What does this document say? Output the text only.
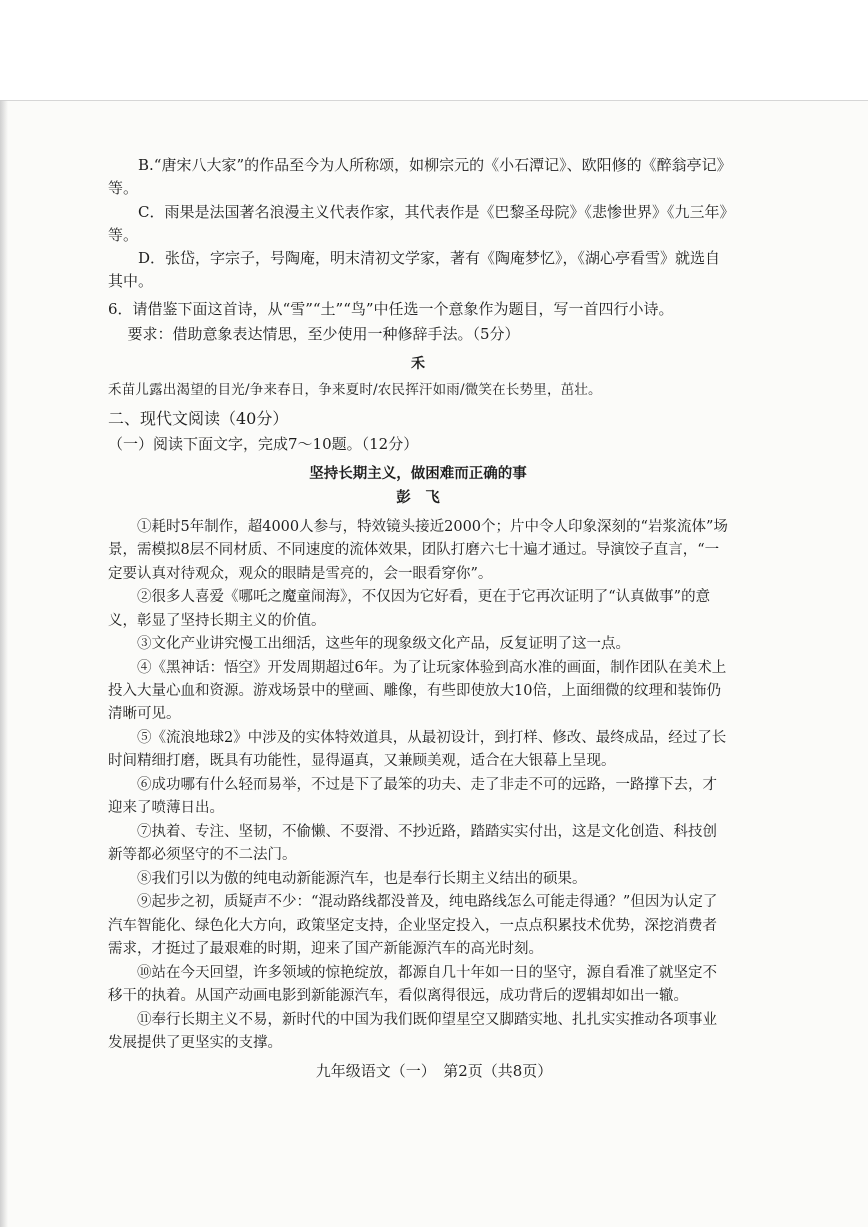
B.“唐宋八大家”的作品至今为人所称颂，如柳宗元的《小石潭记》、欧阳修的《醉翁亭记》等。

C．雨果是法国著名浪漫主义代表作家，其代表作是《巴黎圣母院》《悲惨世界》《九三年》等。

D．张岱，字宗子，号陶庵，明末清初文学家，著有《陶庵梦忆》，《湖心亭看雪》就选自其中。

6．请借鉴下面这首诗，从“雪”“土”“鸟”中任选一个意象作为题目，写一首四行小诗。

要求：借助意象表达情思，至少使用一种修辞手法。（5分）

禾

禾苗儿露出渴望的目光/争来春日，争来夏时/农民挥汗如雨/微笑在长势里，茁壮。

二、现代文阅读（40分）

（一）阅读下面文字，完成7～10题。（12分）

坚持长期主义，做困难而正确的事

彭飞

①耗时5年制作，超4000人参与，特效镜头接近2000个；片中令人印象深刻的“岩浆流体”场景，需模拟8层不同材质、不同速度的流体效果，团队打磨六七十遍才通过。导演饺子直言，“一定要认真对待观众，观众的眼睛是雪亮的，会一眼看穿你”。

②很多人喜爱《哪吒之魔童闹海》，不仅因为它好看，更在于它再次证明了“认真做事”的意义，彰显了坚持长期主义的价值。

③文化产业讲究慢工出细活，这些年的现象级文化产品，反复证明了这一点。

④《黑神话：悟空》开发周期超过6年。为了让玩家体验到高水准的画面，制作团队在美术上投入大量心血和资源。游戏场景中的壁画、雕像，有些即使放大10倍，上面细微的纹理和装饰仍清晰可见。

⑤《流浪地球2》中涉及的实体特效道具，从最初设计，到打样、修改、最终成品，经过了长时间精细打磨，既具有功能性，显得逼真，又兼顾美观，适合在大银幕上呈现。

⑥成功哪有什么轻而易举，不过是下了最笨的功夫、走了非走不可的远路，一路撑下去，才迎来了喷薄日出。

⑦执着、专注、坚韧，不偷懒、不耍滑、不抄近路，踏踏实实付出，这是文化创造、科技创新等都必须坚守的不二法门。

⑧我们引以为傲的纯电动新能源汽车，也是奉行长期主义结出的硕果。

⑨起步之初，质疑声不少：“混动路线都没普及，纯电路线怎么可能走得通？”但因为认定了汽车智能化、绿色化大方向，政策坚定支持，企业坚定投入，一点点积累技术优势，深挖消费者需求，才挺过了最艰难的时期，迎来了国产新能源汽车的高光时刻。

⑩站在今天回望，许多领域的惊艳绽放，都源自几十年如一日的坚守，源自看准了就坚定不移干的执着。从国产动画电影到新能源汽车，看似离得很远，成功背后的逻辑却如出一辙。

⑪奉行长期主义不易，新时代的中国为我们既仰望星空又脚踏实地、扎扎实实推动各项事业发展提供了更坚实的支撑。

九年级语文（一）　第2页（共8页）
